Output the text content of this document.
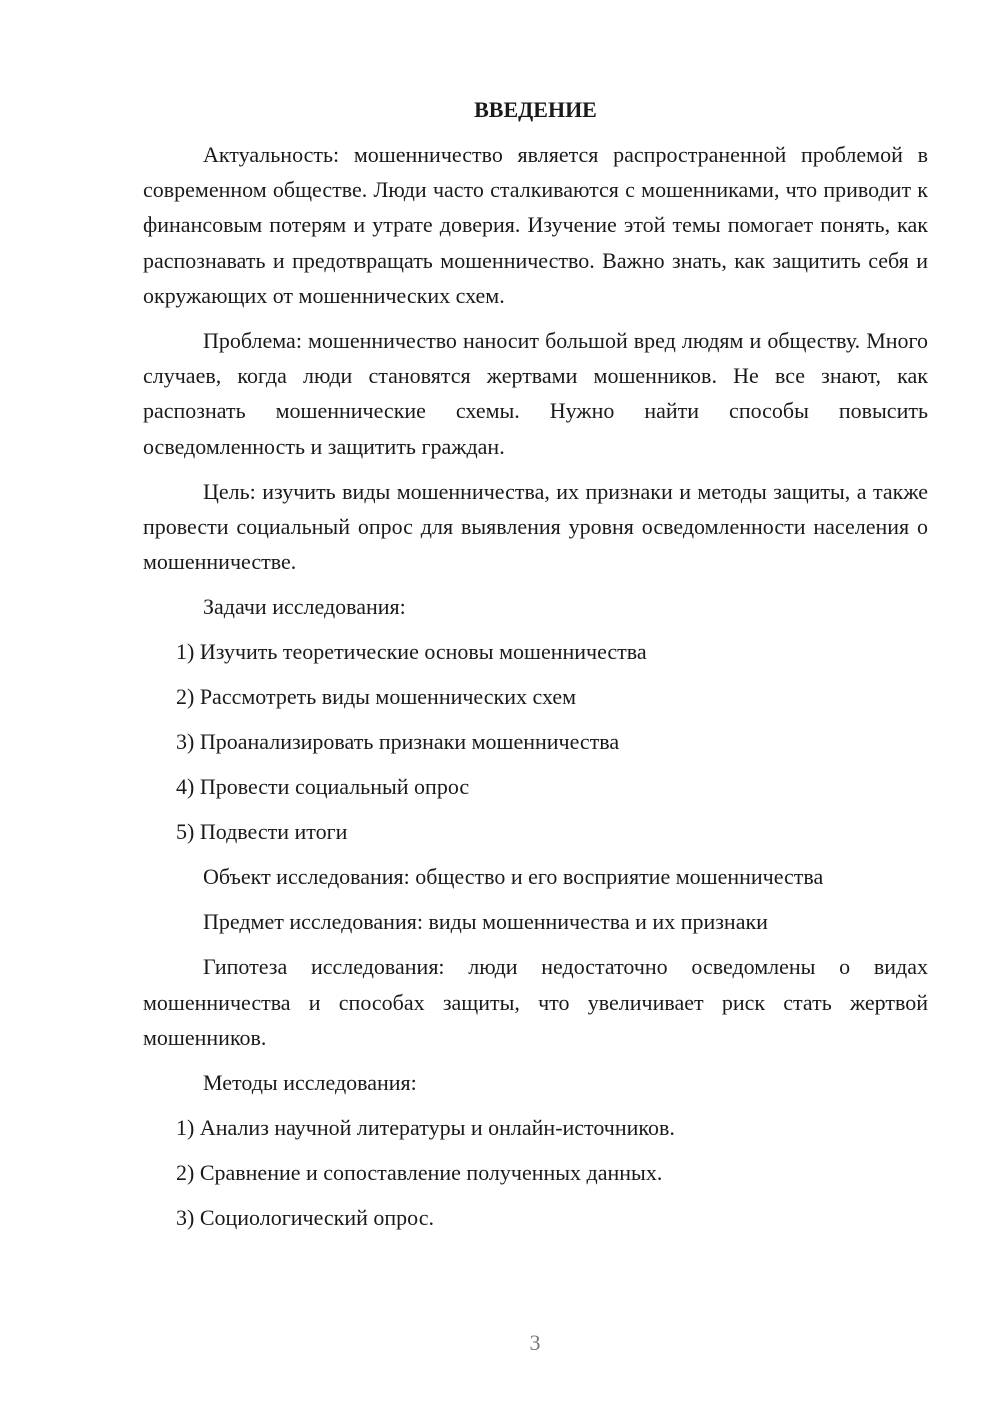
ВВЕДЕНИЕ

Актуальность: мошенничество является распространенной проблемой в современном обществе. Люди часто сталкиваются с мошенниками, что приводит к финансовым потерям и утрате доверия. Изучение этой темы помогает понять, как распознавать и предотвращать мошенничество. Важно знать, как защитить себя и окружающих от мошеннических схем.

Проблема: мошенничество наносит большой вред людям и обществу. Много случаев, когда люди становятся жертвами мошенников. Не все знают, как распознать мошеннические схемы. Нужно найти способы повысить осведомленность и защитить граждан.

Цель: изучить виды мошенничества, их признаки и методы защиты, а также провести социальный опрос для выявления уровня осведомленности населения о мошенничестве.

Задачи исследования:

1) Изучить теоретические основы мошенничества

2) Рассмотреть виды мошеннических схем

3) Проанализировать признаки мошенничества

4) Провести социальный опрос

5) Подвести итоги

Объект исследования: общество и его восприятие мошенничества

Предмет исследования: виды мошенничества и их признаки

Гипотеза исследования: люди недостаточно осведомлены о видах мошенничества и способах защиты, что увеличивает риск стать жертвой мошенников.

Методы исследования:

1) Анализ научной литературы и онлайн-источников.

2) Сравнение и сопоставление полученных данных.

3) Социологический опрос.

3
